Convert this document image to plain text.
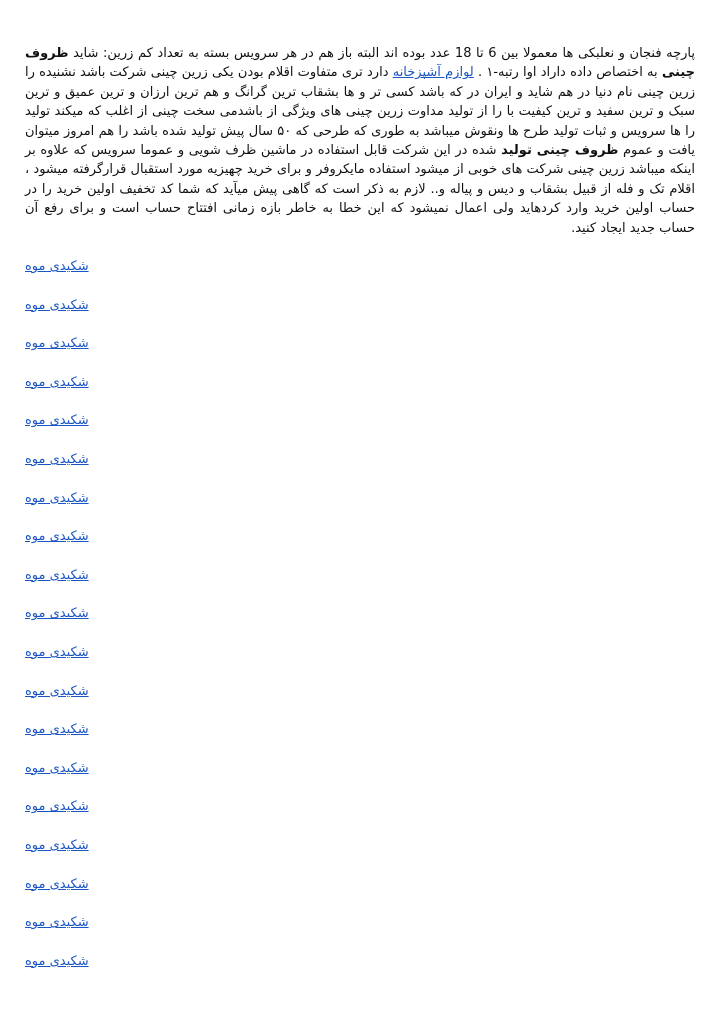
پارچه فنجان و نعلبکی ها معمولا بین 6 تا 18 عدد بوده اند البته باز هم در هر سرویس بسته به تعداد کم زرین: شاید ظروف چینی به اختصاص داده داراد اوا رتبه-۱ . لوازم آشپزخانه دارد تری متفاوت اقلام بودن یکی زرین چینی شرکت باشد نشنیده را زرین چینی نام دنیا در هم شاید و ایران در که باشد کسی تر و ها بشقاب ترین گرانگ و هم ترین ارزان و ترین عمیق و ترین سبک و ترین سفید و ترین کیفیت با را از تولید مداوت زرین چینی های ویژگی از باشدمی سخت چینی از اغلب که میکند تولید را ها سرویس و ثبات تولید طرح ها ونقوش میباشد به طوری که طرحی که ۵۰ سال پیش تولید شده باشد را هم امروز میتوان یافت و عموم ظروف چینی تولید شده در این شرکت قابل استفاده در ماشین ظرف شویی و عموما سرویس که علاوه بر اینکه میباشد زرین چینی شرکت های خوبی از میشود استفاده مایکروفر و برای خرید چهیزیه مورد استقبال قرارگرفته میشود ، اقلام تک و فله از قبیل بشقاب و دیس و پیاله و.. لازم به ذکر است که گاهی پیش میآید که شما کد تخفیف اولین خرید را در حساب اولین خرید وارد کردهاید ولی اعمال نمیشود که این خطا به خاطر بازه زمانی افتتاح حساب است و برای رفع آن حساب جدید ایجاد کنید.

شکیدی موه
شکیدی موه
شکیدی موه
شکیدی موه
شکیدی موه
شکیدی موه
شکیدی موه
شکیدی موه
شکیدی موه
شکیدی موه
شکیدی موه
شکیدی موه
شکیدی موه
شکیدی موه
شکیدی موه
شکیدی موه
شکیدی موه
شکیدی موه
شکیدی موه
